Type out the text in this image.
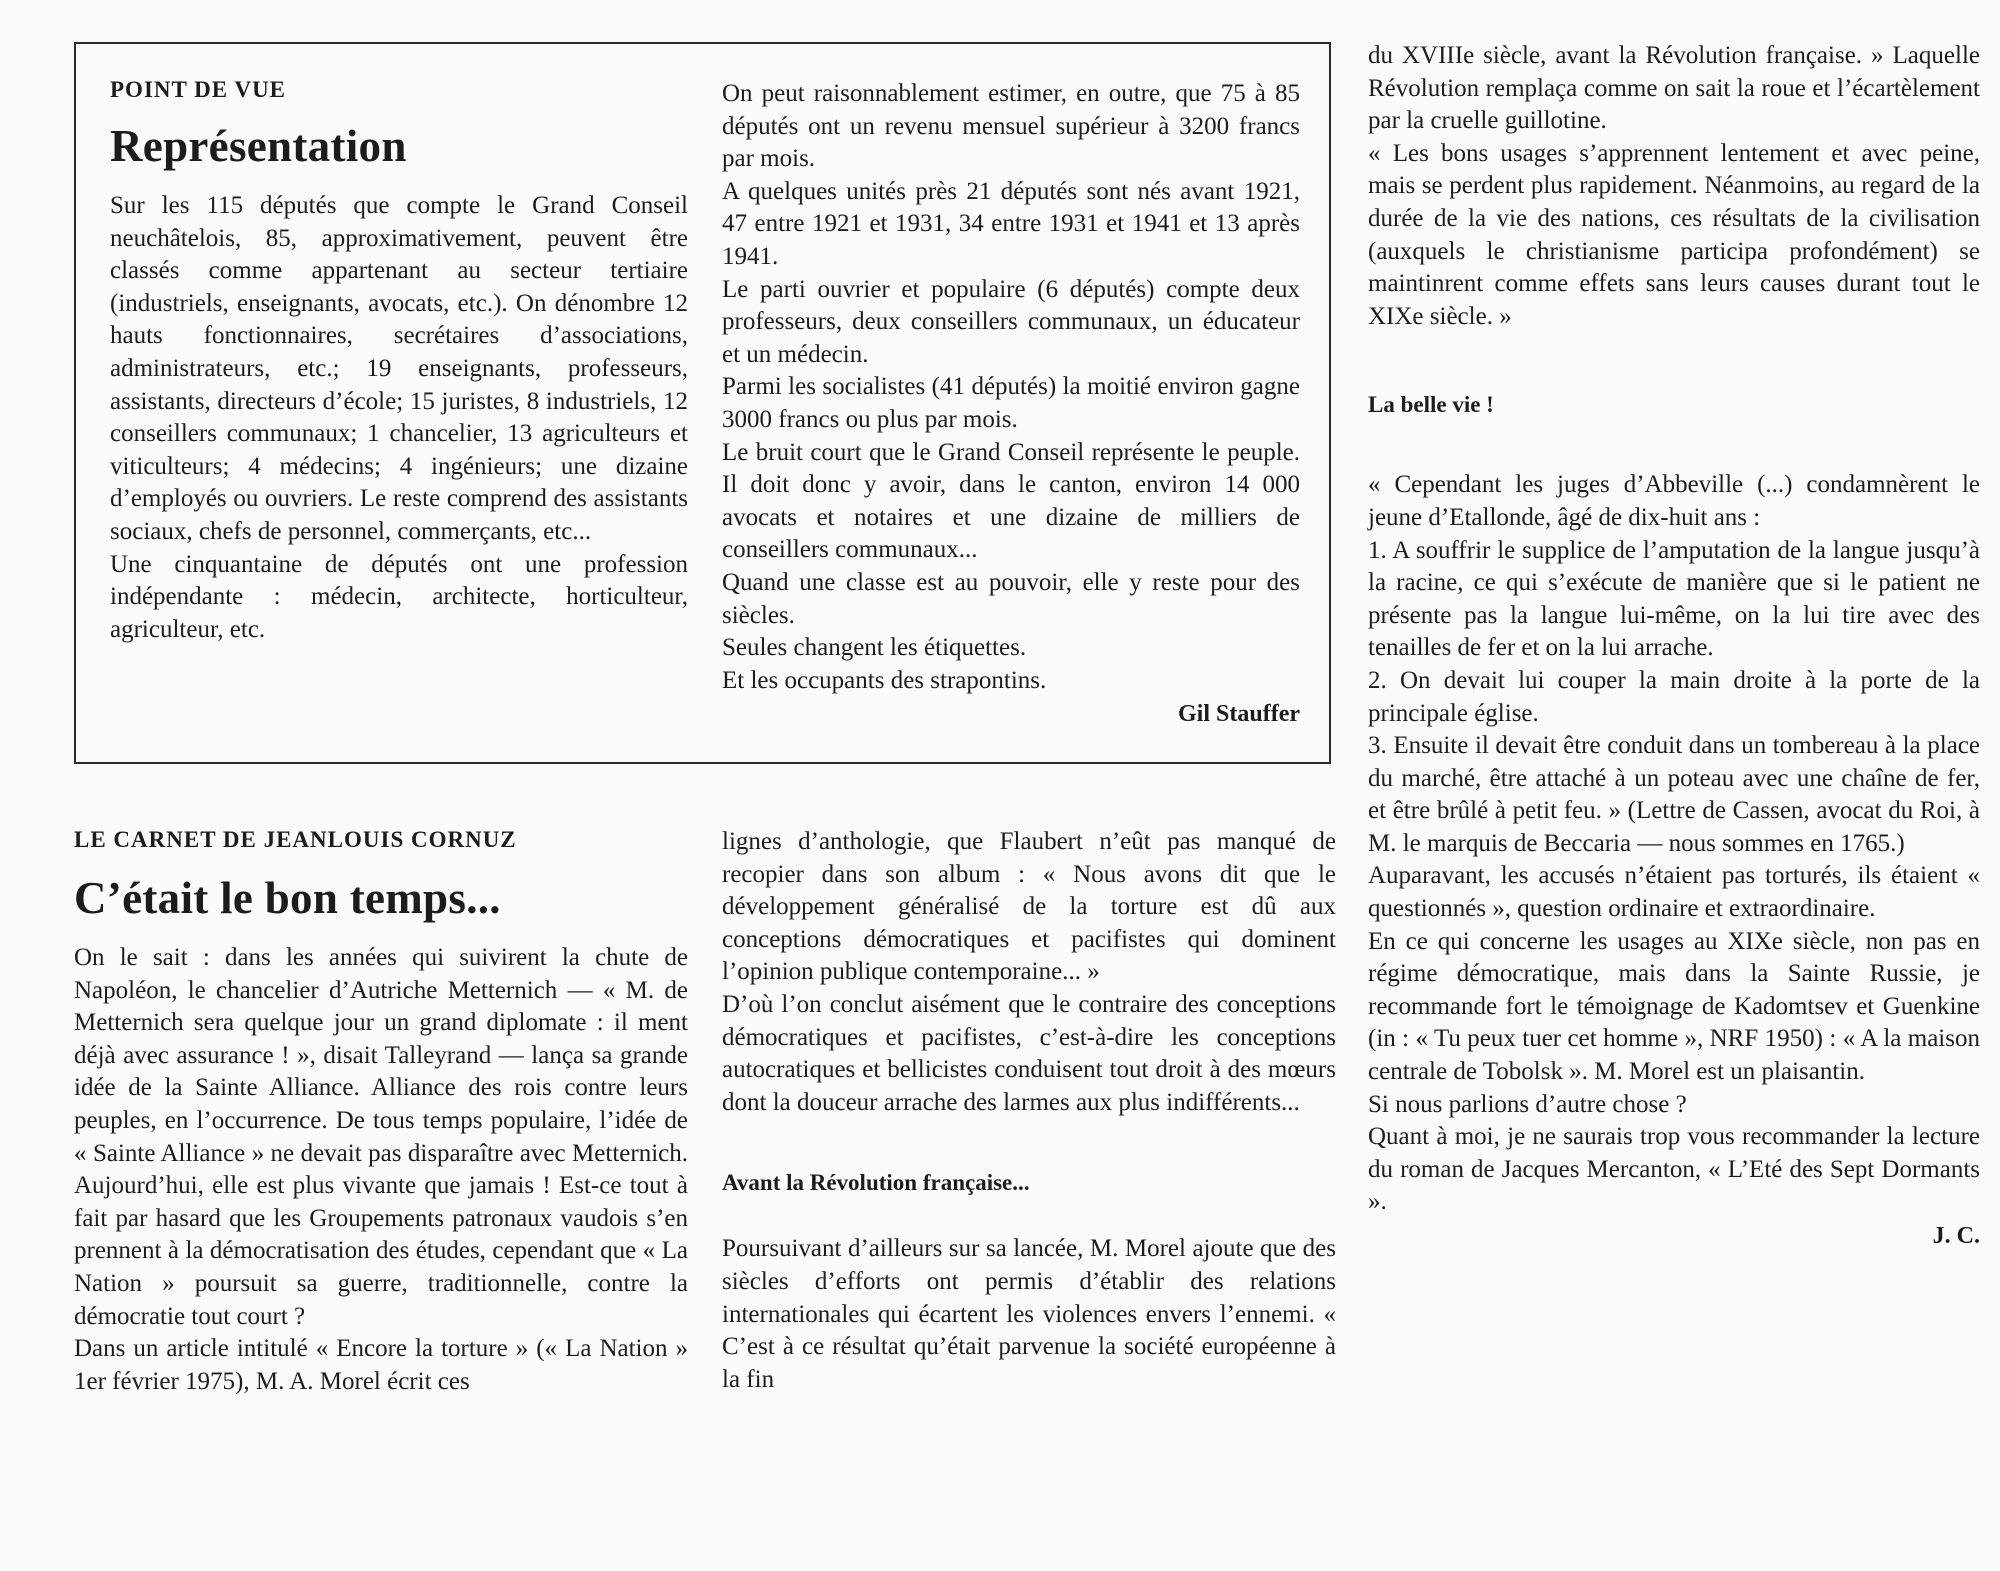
POINT DE VUE

Représentation

Sur les 115 députés que compte le Grand Conseil neuchâtelois, 85, approximativement, peuvent être classés comme appartenant au secteur tertiaire (industriels, enseignants, avocats, etc.). On dénombre 12 hauts fonctionnaires, secrétaires d’associations, administrateurs, etc.; 19 enseignants, professeurs, assistants, directeurs d’école; 15 juristes, 8 industriels, 12 conseillers communaux; 1 chancelier, 13 agriculteurs et viticulteurs; 4 médecins; 4 ingénieurs; une dizaine d’employés ou ouvriers. Le reste comprend des assistants sociaux, chefs de personnel, commerçants, etc...

Une cinquantaine de députés ont une profession indépendante : médecin, architecte, horticulteur, agriculteur, etc.

On peut raisonnablement estimer, en outre, que 75 à 85 députés ont un revenu mensuel supérieur à 3200 francs par mois.

A quelques unités près 21 députés sont nés avant 1921, 47 entre 1921 et 1931, 34 entre 1931 et 1941 et 13 après 1941.

Le parti ouvrier et populaire (6 députés) compte deux professeurs, deux conseillers communaux, un éducateur et un médecin.

Parmi les socialistes (41 députés) la moitié environ gagne 3000 francs ou plus par mois.

Le bruit court que le Grand Conseil représente le peuple. Il doit donc y avoir, dans le canton, environ 14 000 avocats et notaires et une dizaine de milliers de conseillers communaux...

Quand une classe est au pouvoir, elle y reste pour des siècles.

Seules changent les étiquettes.

Et les occupants des strapontins.

Gil Stauffer

LE CARNET DE JEANLOUIS CORNUZ

C’était le bon temps...

On le sait : dans les années qui suivirent la chute de Napoléon, le chancelier d’Autriche Metternich — « M. de Metternich sera quelque jour un grand diplomate : il ment déjà avec assurance ! », disait Talleyrand — lança sa grande idée de la Sainte Alliance. Alliance des rois contre leurs peuples, en l’occurrence. De tous temps populaire, l’idée de « Sainte Alliance » ne devait pas disparaître avec Metternich. Aujourd’hui, elle est plus vivante que jamais ! Est-ce tout à fait par hasard que les Groupements patronaux vaudois s’en prennent à la démocratisation des études, cependant que « La Nation » poursuit sa guerre, traditionnelle, contre la démocratie tout court ?

Dans un article intitulé « Encore la torture » (« La Nation » 1er février 1975), M. A. Morel écrit ces

lignes d’anthologie, que Flaubert n’eût pas manqué de recopier dans son album : « Nous avons dit que le développement généralisé de la torture est dû aux conceptions démocratiques et pacifistes qui dominent l’opinion publique contemporaine... »

D’où l’on conclut aisément que le contraire des conceptions démocratiques et pacifistes, c’est-à-dire les conceptions autocratiques et bellicistes conduisent tout droit à des mœurs dont la douceur arrache des larmes aux plus indifférents...

Avant la Révolution française...

Poursuivant d’ailleurs sur sa lancée, M. Morel ajoute que des siècles d’efforts ont permis d’établir des relations internationales qui écartent les violences envers l’ennemi. « C’est à ce résultat qu’était parvenue la société européenne à la fin

du XVIIIe siècle, avant la Révolution française. » Laquelle Révolution remplaça comme on sait la roue et l’écartèlement par la cruelle guillotine.

« Les bons usages s’apprennent lentement et avec peine, mais se perdent plus rapidement. Néanmoins, au regard de la durée de la vie des nations, ces résultats de la civilisation (auxquels le christianisme participa profondément) se maintinrent comme effets sans leurs causes durant tout le XIXe siècle. »

La belle vie !

« Cependant les juges d’Abbeville (...) condamnèrent le jeune d’Etallonde, âgé de dix-huit ans :

1. A souffrir le supplice de l’amputation de la langue jusqu’à la racine, ce qui s’exécute de manière que si le patient ne présente pas la langue lui-même, on la lui tire avec des tenailles de fer et on la lui arrache.

2. On devait lui couper la main droite à la porte de la principale église.

3. Ensuite il devait être conduit dans un tombereau à la place du marché, être attaché à un poteau avec une chaîne de fer, et être brûlé à petit feu. » (Lettre de Cassen, avocat du Roi, à M. le marquis de Beccaria — nous sommes en 1765.)

Auparavant, les accusés n’étaient pas torturés, ils étaient « questionnés », question ordinaire et extraordinaire.

En ce qui concerne les usages au XIXe siècle, non pas en régime démocratique, mais dans la Sainte Russie, je recommande fort le témoignage de Kadomtsev et Guenkine (in : « Tu peux tuer cet homme », NRF 1950) : « A la maison centrale de Tobolsk ». M. Morel est un plaisantin.

Si nous parlions d’autre chose ?

Quant à moi, je ne saurais trop vous recommander la lecture du roman de Jacques Mercanton, « L’Eté des Sept Dormants ».

J. C.
